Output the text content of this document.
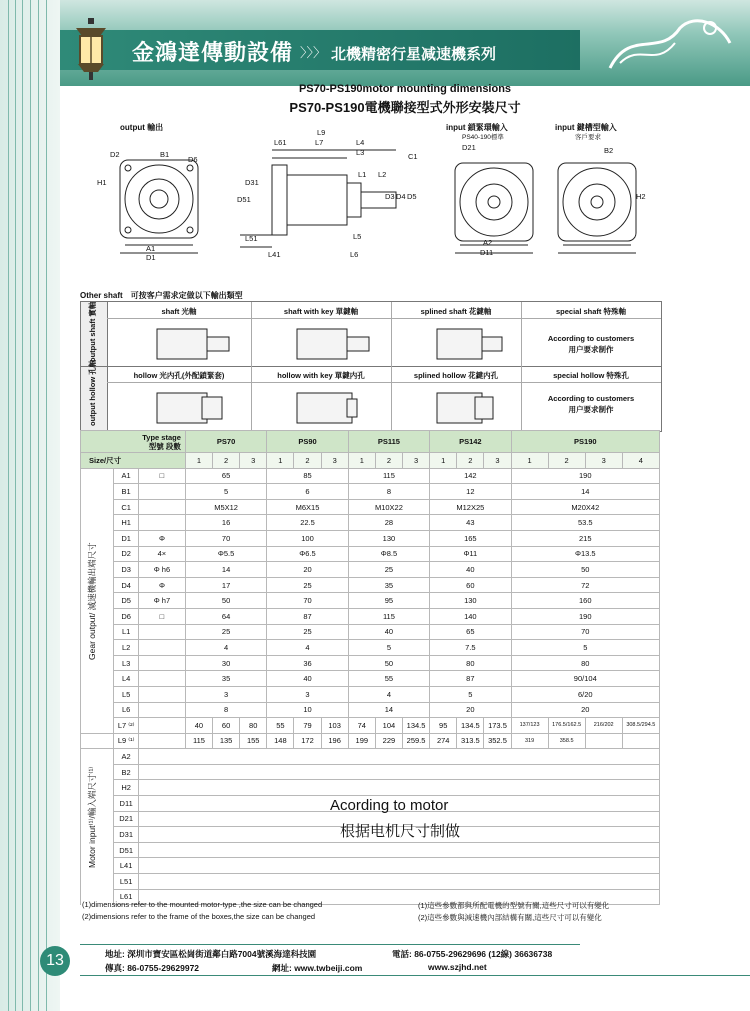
金鴻達傳動設備 〉〉〉 北機精密行星减速機系列
PS70-PS190motor mounting dimensions
PS70-PS190電機聯接型式外形安裝尺寸
output 輸出	input 鎖緊環輸入
PS40-190標準
input 鍵槽型輸入
客戶要求
D2	B1
D6
H1
A1
D1
L9
L61	L7	L4
L3	C1
L1 L2
D31
D51	D3 D4 D5
L51	L5
L41	L6
D21
A2
D11
B2
H2
Other shaft　可按客户需求定做以下輸出類型
output shaft 實軸
output hollow 孔軸
shaft 光軸	shaft with key 單鍵軸	splined shaft 花鍵軸	special shaft 特殊軸
hollow 光内孔(外配鎖緊套)	hollow with key 單鍵内孔	splined hollow 花鍵内孔	special hollow 特殊孔
According to customers
用户要求制作
According to customers
用户要求制作
Type stage
型號 段數			PS70			PS90			PS115			PS142			PS190			
Size/尺寸			1	2	3	1	2	3	1	2	3	1	2	3	1	2	3	4
	A1	□	65			85			115			142			190			
	B1		5			6			8			12			14			
	C1		M5X12			M6X15			M10X22			M12X25			M20X42			
	H1		16			22.5			28			43			53.5			
	D1	Φ	70			100			130			165			215			
	D2	4×	Φ5.5			Φ6.5			Φ8.5			Φ11			Φ13.5			
	D3	Φ h6	14			20			25			40			50			
	D4	Φ	17			25			35			60			72			
	D5	Φ h7	50			70			95			130			160			
	D6	□	64			87			115			140			190			
	L1		25			25			40			65			70			
	L2		4			4			5			7.5			5			
	L3		30			36			50			80			80			
	L4		35			40			55			87			90/104			
	L5		3			3			4			5			6/20			
	L6		8			10			14			20			20			
	L7 ⁽²⁾		40	60	80	55	79	103	74	104	134.5	95	134.5	173.5	137/123	176.5/162.5	216/202	308.5/294.5
	L9 ⁽¹⁾		115	135	155	148	172	196	199	229	259.5	274	313.5	352.5	319	358.5		
	A2																	
	B2																	
	H2																	
	D11																	
	D21																	
	D31																	
	D51																	
	L41																	
	L51																	
	L61																	
Gear output/ 減速機輸出端尺寸
Motor input⁽¹⁾/輸入端尺寸⁽¹⁾	Acording to motor
根据电机尺寸制做
(1)dimensions refer to the mounted motor-type ,the size can be changed
(2)dimensions refer to the frame of the boxes,the size can be changed
(1)這些參數都與所配電機的型號有關,這些尺寸可以有變化
(2)這些參數與減速機內部結構有關,這些尺寸可以有變化
13	地址: 深圳市寶安區松崗街道鄰白路7004號溪海達科技園	電話: 86-0755-29629696 (12線) 36636738
傳真: 86-0755-29629972	網址: www.twbeiji.com	www.szjhd.net
